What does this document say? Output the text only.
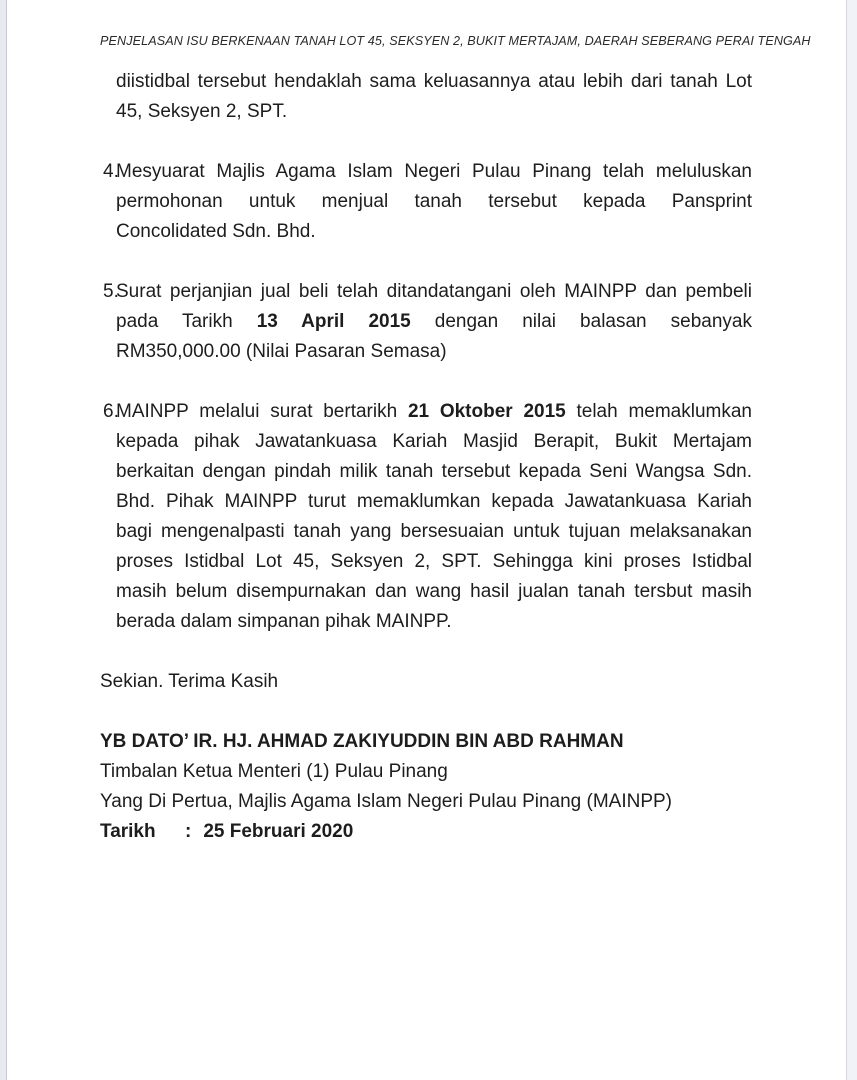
PENJELASAN ISU BERKENAAN TANAH LOT 45, SEKSYEN 2, BUKIT MERTAJAM, DAERAH SEBERANG PERAI TENGAH
diistidbal tersebut hendaklah sama keluasannya atau lebih dari tanah Lot
45, Seksyen 2, SPT.
4.
Mesyuarat Majlis Agama Islam Negeri Pulau Pinang telah meluluskan
permohonan untuk menjual tanah tersebut kepada Pansprint
Concolidated Sdn. Bhd.
5.
Surat perjanjian jual beli telah ditandatangani oleh MAINPP dan pembeli
pada Tarikh 13 April 2015 dengan nilai balasan sebanyak
RM350,000.00 (Nilai Pasaran Semasa)
6.
MAINPP melalui surat bertarikh 21 Oktober 2015 telah memaklumkan
kepada pihak Jawatankuasa Kariah Masjid Berapit, Bukit Mertajam
berkaitan dengan pindah milik tanah tersebut kepada Seni Wangsa Sdn.
Bhd. Pihak MAINPP turut memaklumkan kepada Jawatankuasa Kariah
bagi mengenalpasti tanah yang bersesuaian untuk tujuan melaksanakan
proses Istidbal Lot 45, Seksyen 2, SPT. Sehingga kini proses Istidbal
masih belum disempurnakan dan wang hasil jualan tanah tersbut masih
berada dalam simpanan pihak MAINPP.
Sekian. Terima Kasih
YB DATO’ IR. HJ. AHMAD ZAKIYUDDIN BIN ABD RAHMAN
Timbalan Ketua Menteri (1) Pulau Pinang
Yang Di Pertua, Majlis Agama Islam Negeri Pulau Pinang (MAINPP)
Tarikh : 25 Februari 2020
